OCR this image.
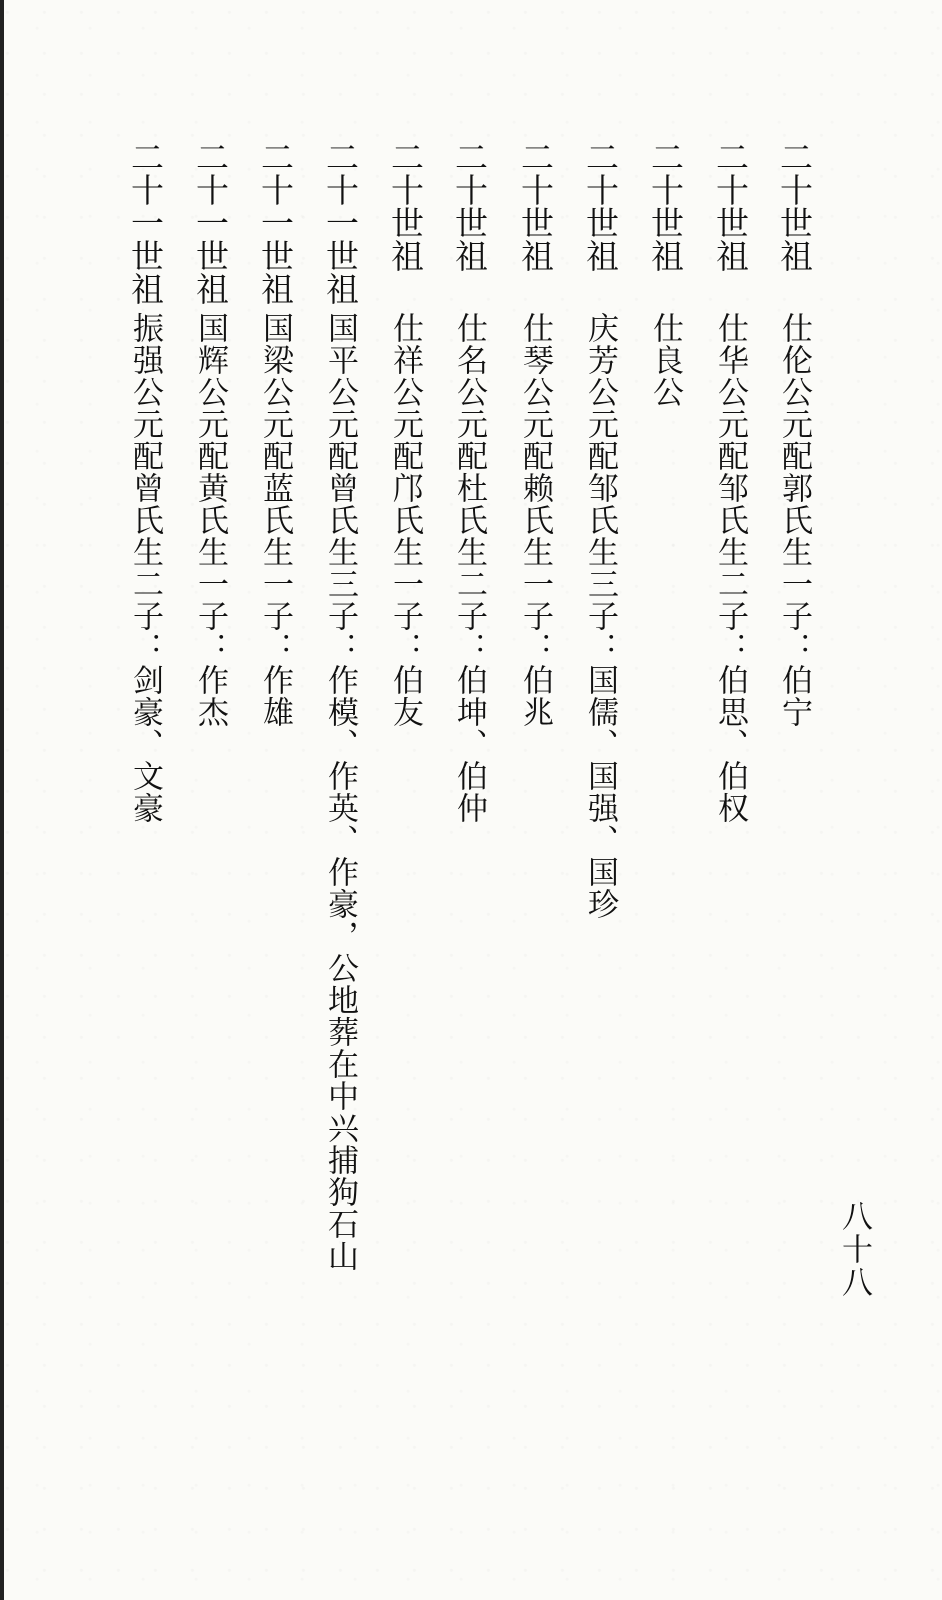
二十世祖
仕伦公元配郭氏生一子：伯宁
二十世祖
仕华公元配邹氏生二子：伯思、伯权
二十世祖
仕良公
二十世祖
庆芳公元配邹氏生三子：国儒、国强、国珍
二十世祖
仕琴公元配赖氏生一子：伯兆
二十世祖
仕名公元配杜氏生二子：伯坤、伯仲
二十世祖
仕祥公元配邝氏生一子：伯友
二十一世祖
国平公元配曾氏生三子：作模、作英、作豪，公地葬在中兴捕狗石山
二十一世祖
国梁公元配蓝氏生一子：作雄
二十一世祖
国辉公元配黄氏生一子：作杰
二十一世祖
振强公元配曾氏生二子：剑豪、文豪
八十八
